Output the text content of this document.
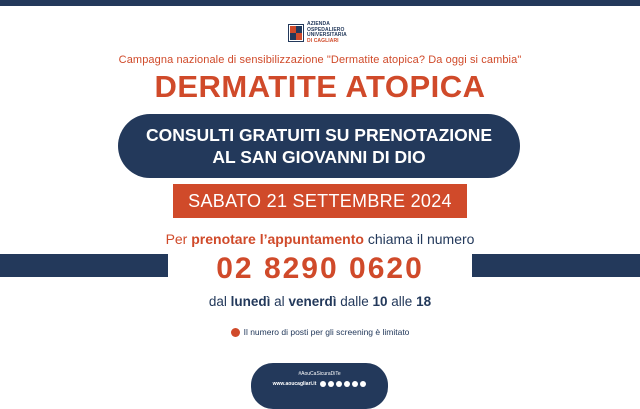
AZIENDA
OSPEDALIERO
UNIVERSITARIA
DI CAGLIARI
Campagna nazionale di sensibilizzazione "Dermatite atopica? Da oggi si cambia"
DERMATITE ATOPICA
CONSULTI GRATUITI SU PRENOTAZIONE
AL SAN GIOVANNI DI DIO
SABATO 21 SETTEMBRE 2024
Per prenotare l’appuntamento chiama il numero
02 8290 0620
dal lunedì al venerdì dalle 10 alle 18
Il numero di posti per gli screening è limitato
#AouCaSicuraDiTe
www.aoucagliari.it
